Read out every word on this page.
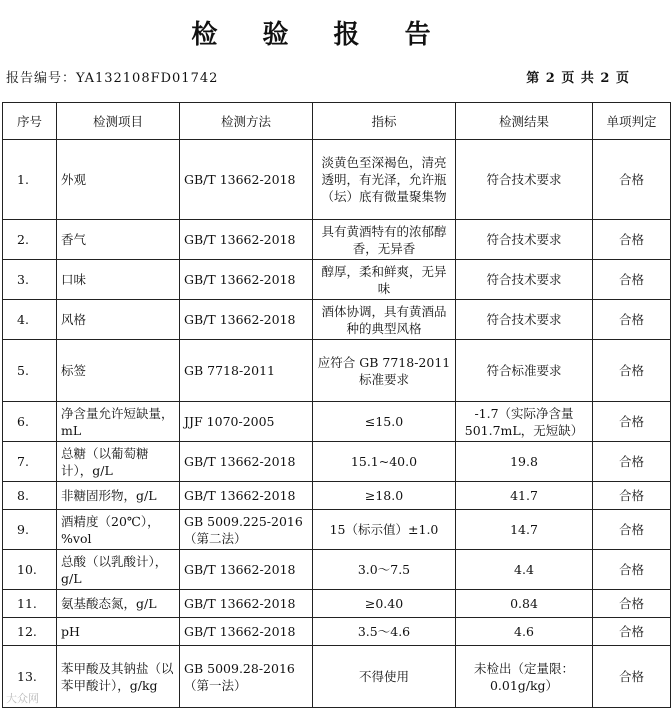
检 验 报 告
报告编号：YA132108FD01742	第 2 页 共 2 页
序号	检测项目	检测方法	指标	检测结果	单项判定
1.	外观	GB/T 13662-2018	淡黄色至深褐色，清亮透明，有光泽，允许瓶（坛）底有微量聚集物	符合技术要求	合格
2.	香气	GB/T 13662-2018	具有黄酒特有的浓郁醇香，无异香	符合技术要求	合格
3.	口味	GB/T 13662-2018	醇厚，柔和鲜爽，无异味	符合技术要求	合格
4.	风格	GB/T 13662-2018	酒体协调，具有黄酒品种的典型风格	符合技术要求	合格
5.	标签	GB 7718-2011	应符合 GB 7718-2011 标准要求	符合标准要求	合格
6.	净含量允许短缺量，mL	JJF 1070-2005	≤15.0	-1.7（实际净含量501.7mL，无短缺）	合格
7.	总糖（以葡萄糖计），g/L	GB/T 13662-2018	15.1~40.0	19.8	合格
8.	非糖固形物，g/L	GB/T 13662-2018	≥18.0	41.7	合格
9.	酒精度（20℃），%vol	GB 5009.225-2016（第二法）	15（标示值）±1.0	14.7	合格
10.	总酸（以乳酸计），g/L	GB/T 13662-2018	3.0～7.5	4.4	合格
11.	氨基酸态氮，g/L	GB/T 13662-2018	≥0.40	0.84	合格
12.	pH	GB/T 13662-2018	3.5～4.6	4.6	合格
13.	苯甲酸及其钠盐（以苯甲酸计），g/kg	GB 5009.28-2016（第一法）	不得使用	未检出（定量限：0.01g/kg）	合格
大众网
